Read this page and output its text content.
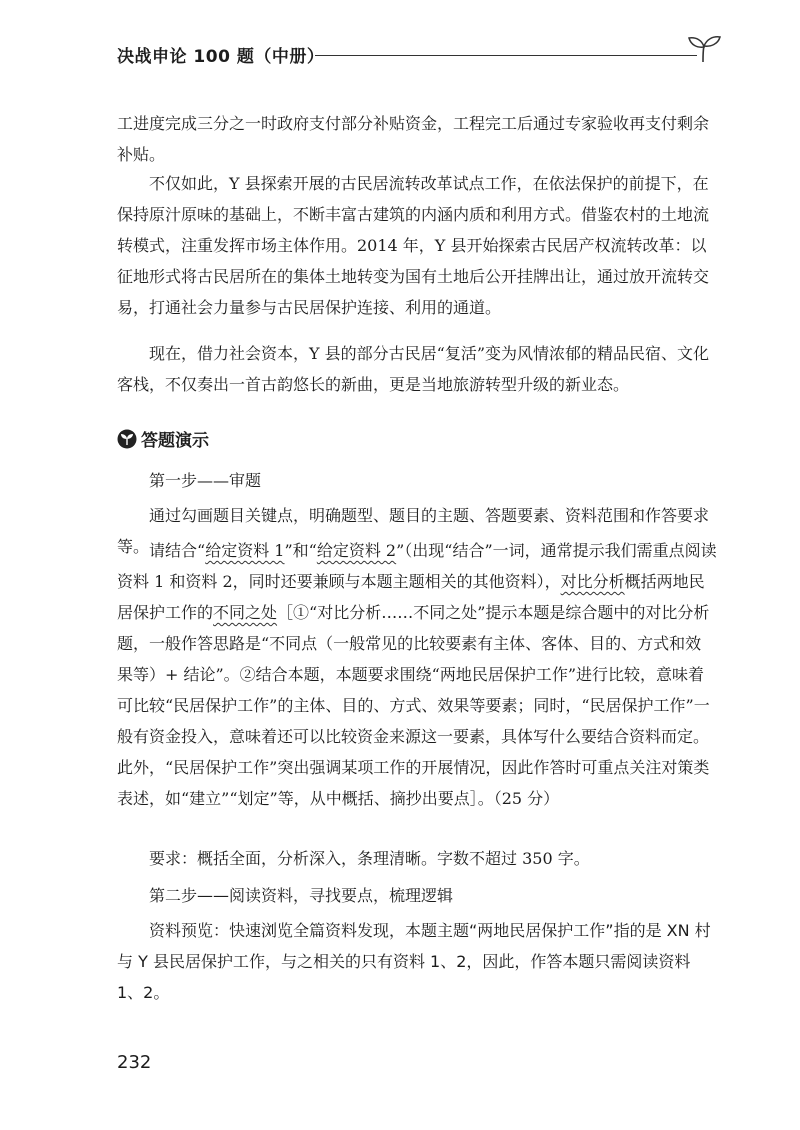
决战申论 100 题（中册）

工进度完成三分之一时政府支付部分补贴资金，工程完工后通过专家验收再支付剩余补贴。

不仅如此，Y 县探索开展的古民居流转改革试点工作，在依法保护的前提下，在保持原汁原味的基础上，不断丰富古建筑的内涵内质和利用方式。借鉴农村的土地流转模式，注重发挥市场主体作用。2014 年，Y 县开始探索古民居产权流转改革：以征地形式将古民居所在的集体土地转变为国有土地后公开挂牌出让，通过放开流转交易，打通社会力量参与古民居保护连接、利用的通道。

现在，借力社会资本，Y 县的部分古民居“复活”变为风情浓郁的精品民宿、文化客栈，不仅奏出一首古韵悠长的新曲，更是当地旅游转型升级的新业态。

答题演示

第一步——审题

通过勾画题目关键点，明确题型、题目的主题、答题要素、资料范围和作答要求等。 请结合“给定资料 1”和“给定资料 2”（出现“结合”一词，通常提示我们需重点阅读资料 1 和资料 2，同时还要兼顾与本题主题相关的其他资料），对比分析概括两地民居保护工作的不同之处［①“对比分析……不同之处”提示本题是综合题中的对比分析题，一般作答思路是“不同点（一般常见的比较要素有主体、客体、目的、方式和效果等）+ 结论”。②结合本题，本题要求围绕“两地民居保护工作”进行比较，意味着可比较“民居保护工作”的主体、目的、方式、效果等要素；同时，“民居保护工作”一般有资金投入，意味着还可以比较资金来源这一要素，具体写什么要结合资料而定。此外，“民居保护工作”突出强调某项工作的开展情况，因此作答时可重点关注对策类表述，如“建立”“划定”等，从中概括、摘抄出要点］。（25 分）

要求：概括全面，分析深入，条理清晰。字数不超过 350 字。

第二步——阅读资料，寻找要点，梳理逻辑

资料预览：快速浏览全篇资料发现，本题主题“两地民居保护工作”指的是 XN 村与 Y 县民居保护工作，与之相关的只有资料 1、2，因此，作答本题只需阅读资料 1、2。

232
